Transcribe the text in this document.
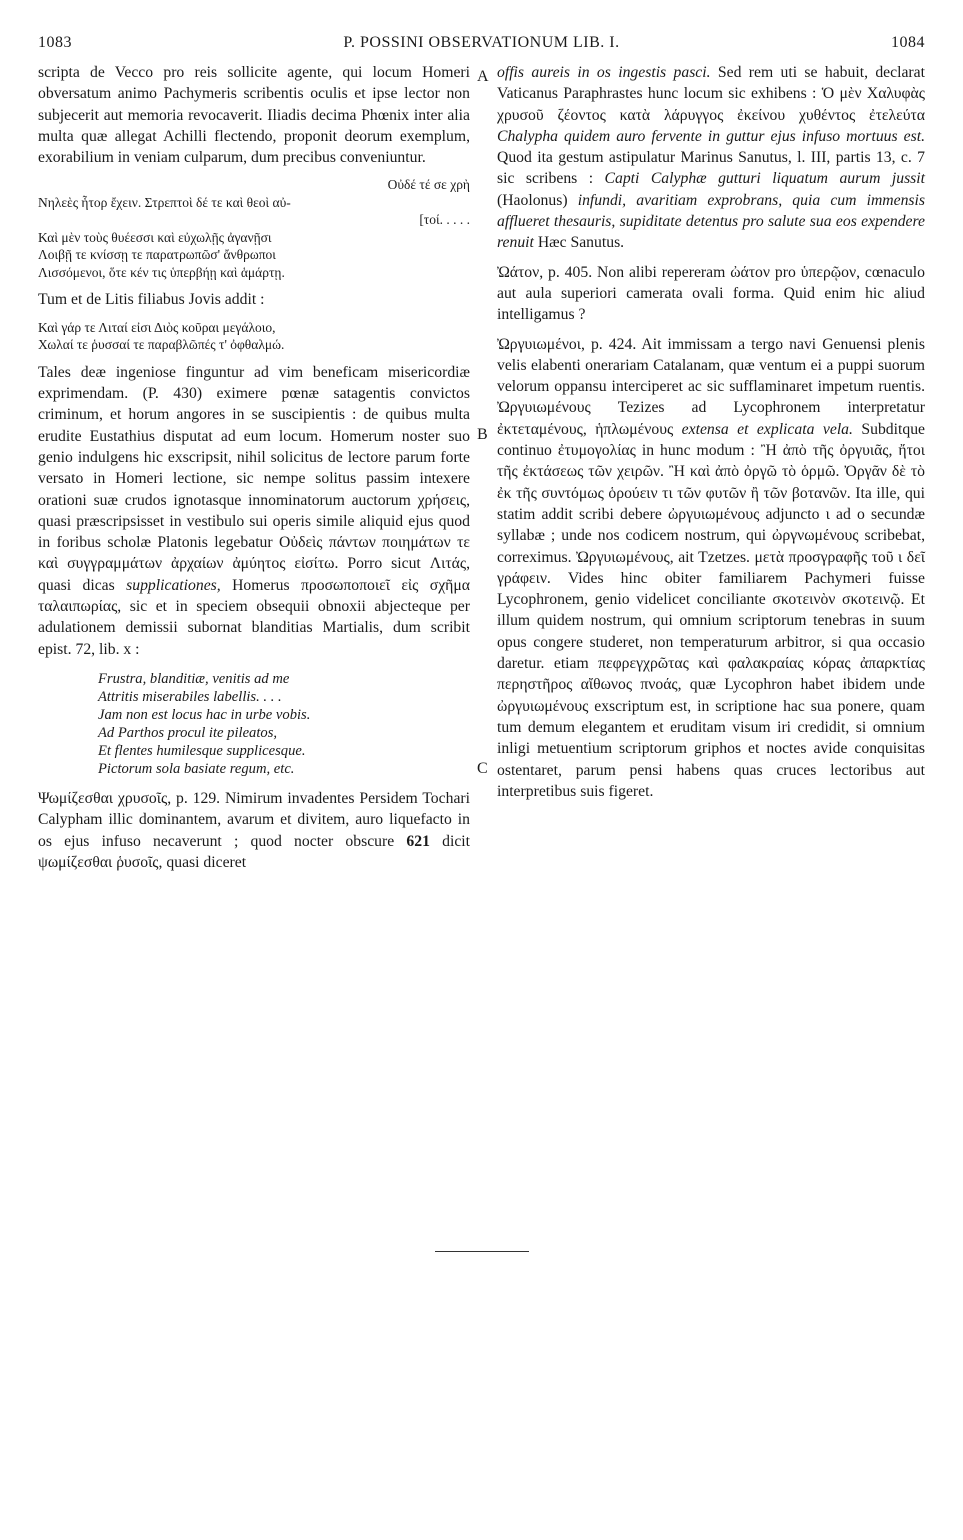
1083	P. POSSINI OBSERVATIONUM LIB. I.	1084
A
B
C

scripta de Vecco pro reis sollicite agente, qui locum Homeri obversatum animo Pachymeris scribentis oculis et ipse lector non subjecerit aut memoria revocaverit. Iliadis decima Phœnix inter alia multa quæ allegat Achilli flectendo, proponit deorum exemplum, exorabilium in veniam culparum, dum precibus conveniuntur.

Οὐδέ τέ σε χρὴ
Νηλεὲς ἦτορ ἔχειν. Στρεπτοὶ δέ τε καὶ θεοὶ αὐ-
[τοί. . . . .
Καὶ μὲν τοὺς θυέεσσι καὶ εὐχωλῇς ἀγανῇσι
Λοιβῇ τε κνίσσῃ τε παρατρωπῶσ' ἄνθρωποι
Λισσόμενοι, ὅτε κέν τις ὑπερβήῃ καὶ ἁμάρτῃ.

Tum et de Litis filiabus Jovis addit :

Καὶ γάρ τε Λιταί εἰσι Διὸς κοῦραι μεγάλοιο,
Χωλαί τε ῥυσσαί τε παραβλῶπές τ' ὀφθαλμώ.

Tales deæ ingeniose finguntur ad vim beneficam misericordiæ exprimendam. (P. 430) eximere pœnæ satagentis convictos criminum, et horum angores in se suscipientis : de quibus multa erudite Eustathius disputat ad eum locum. Homerum noster suo genio indulgens hic exscripsit, nihil solicitus de lectore parum forte versato in Homeri lectione, sic nempe solitus passim intexere orationi suæ crudos ignotasque innominatorum auctorum χρήσεις, quasi præscripsisset in vestibulo sui operis simile aliquid ejus quod in foribus scholæ Platonis legebatur Οὐδεὶς πάντων ποιημάτων τε καὶ συγγραμμάτων ἀρχαίων ἀμύητος εἰσίτω. Porro sicut Λιτάς, quasi dicas supplicationes, Homerus προσωποποιεῖ εἰς σχῆμα ταλαιπωρίας, sic et in speciem obsequii obnoxii abjecteque per adulationem demissii subornat blanditias Martialis, dum scribit epist. 72, lib. x :

Frustra, blanditiæ, venitis ad me
Attritis miserabiles labellis. . . .
Jam non est locus hac in urbe vobis.
Ad Parthos procul ite pileatos,
Et flentes humilesque supplicesque.
Pictorum sola basiate regum, etc.

Ψωμίζεσθαι χρυσοῖς, p. 129. Nimirum invadentes Persidem Tochari Calypham illic dominantem, avarum et divitem, auro liquefacto in os ejus infuso necaverunt ; quod nocter obscure 621 dicit ψωμίζεσθαι ῥυσοῖς, quasi diceret

offis aureis in os ingestis pasci. Sed rem uti se habuit, declarat Vaticanus Paraphrastes hunc locum sic exhibens : Ὁ μὲν Χαλυφὰς χρυσοῦ ζέοντος κατὰ λάρυγγος ἐκείνου χυθέντος ἐτελεύτα Chalypha quidem auro fervente in guttur ejus infuso mortuus est. Quod ita gestum astipulatur Marinus Sanutus, l. III, partis 13, c. 7 sic scribens : Capti Calyphæ gutturi liquatum aurum jussit (Haolonus) infundi, avaritiam exprobrans, quia cum immensis afflueret thesauris, supiditate detentus pro salute sua eos expendere renuit Hæc Sanutus.

Ὠάτον, p. 405. Non alibi repereram ὠάτον pro ὑπερῷον, cœnaculo aut aula superiori camerata ovali forma. Quid enim hic aliud intelligamus ?

Ὠργυιωμένοι, p. 424. Ait immissam a tergo navi Genuensi plenis velis elabenti onerariam Catalanam, quæ ventum ei a puppi suorum velorum oppansu interciperet ac sic sufflaminaret impetum ruentis. Ὠργυιωμένους Tezizes ad Lycophronem interpretatur ἐκτεταμένους, ἡπλωμένους extensa et explicata vela. Subditque continuo ἐτυμογολίας in hunc modum : Ἢ ἀπὸ τῆς ὀργυιᾶς, ἤτοι τῆς ἐκτάσεως τῶν χειρῶν. Ἢ καὶ ἀπὸ ὀργῶ τὸ ὁρμῶ. Ὀργᾶν δὲ τὸ ἐκ τῆς συντόμως ὁρούειν τι τῶν φυτῶν ἢ τῶν βοτανῶν. Ita ille, qui statim addit scribi debere ὠργυιωμένους adjuncto ι ad ο secundæ syllabæ ; unde nos codicem nostrum, qui ὠργνωμένους scribebat, correximus. Ὠργυιωμένους, ait Tzetzes. μετὰ προσγραφῆς τοῦ ι δεῖ γράφειν. Vides hinc obiter familiarem Pachymeri fuisse Lycophronem, genio videlicet conciliante σκοτεινὸν σκοτεινῷ. Et illum quidem nostrum, qui omnium scriptorum tenebras in suum opus congere studeret, non temperaturum arbitror, si qua occasio daretur. etiam πεφρεγχρῶτας καὶ φαλακραίας κόρας ἀπαρκτίας περηστῆρος αἴθωνος πνοάς, quæ Lycophron habet ibidem unde ὠργυιωμένους exscriptum est, in scriptione hac sua ponere, quam tum demum elegantem et eruditam visum iri credidit, si omnium inligi metuentium scriptorum griphos et noctes avide conquisitas ostentaret, parum pensi habens quas cruces lectoribus aut interpretibus suis figeret.
